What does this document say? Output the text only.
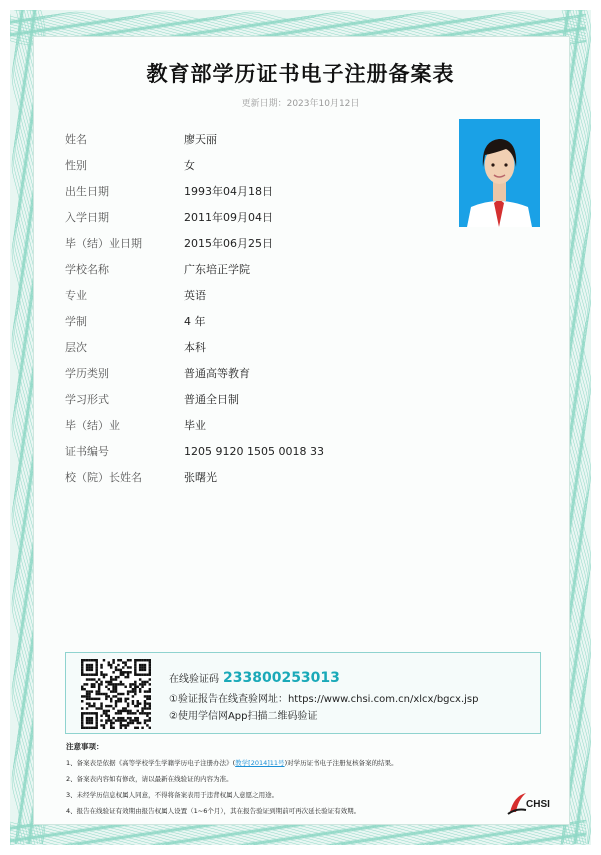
教育部学历证书电子注册备案表
更新日期：2023年10月12日
姓名	廖天丽
性别	女
出生日期	1993年04月18日
入学日期	2011年09月04日
毕（结）业日期	2015年06月25日
学校名称	广东培正学院
专业	英语
学制	4 年
层次	本科
学历类别	普通高等教育
学习形式	普通全日制
毕（结）业	毕业
证书编号	1205 9120 1505 0018 33
校（院）长姓名	张曙光
在线验证码 233800253013
①验证报告在线查验网址：https://www.chsi.com.cn/xlcx/bgcx.jsp
②使用学信网App扫描二维码验证
注意事项：
1、备案表是依据《高等学校学生学籍学历电子注册办法》(教学[2014]11号)对学历证书电子注册复核备案的结果。
2、备案表内容如有修改，请以最新在线验证的内容为准。
3、未经学历信息权属人同意，不得将备案表用于违背权属人意愿之用途。
4、报告在线验证有效期由报告权属人设置（1~6个月），其在报告验证到期前可再次延长验证有效期。
CHSI
